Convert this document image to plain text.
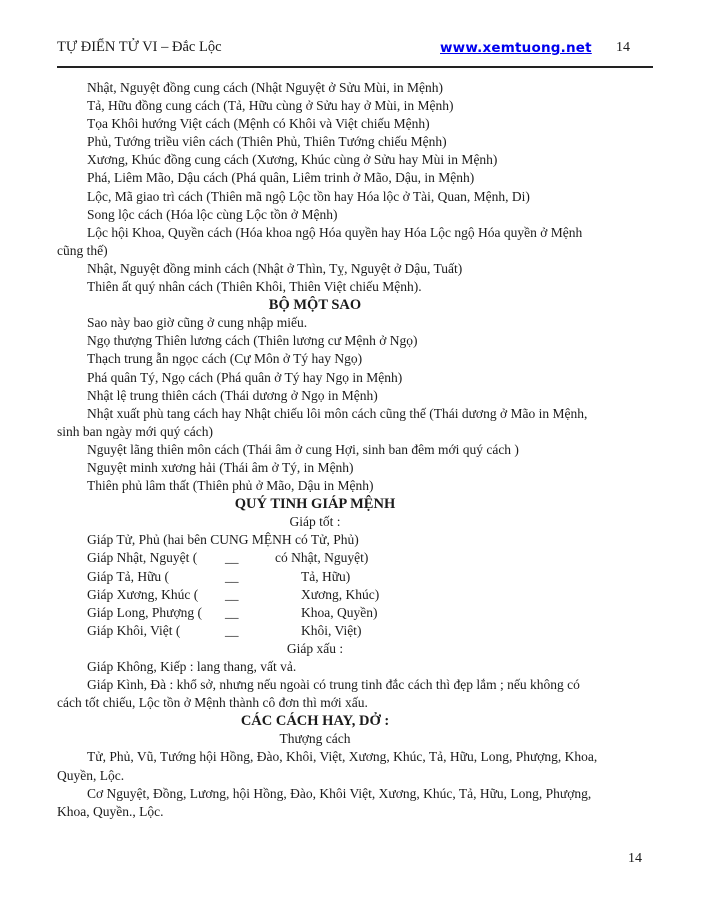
TỰ ĐIỂN TỬ VI – Đắc Lộc	www.xemtuong.net 14

Nhật, Nguyệt đồng cung cách (Nhật Nguyệt ở Sửu Mùi, in Mệnh)

Tả, Hữu đồng cung cách (Tả, Hữu cùng ở Sửu hay ở Mùi, in Mệnh)

Tọa Khôi hướng Việt cách (Mệnh có Khôi và Việt chiếu Mệnh)

Phủ, Tướng triều viên cách (Thiên Phủ, Thiên Tướng chiếu Mệnh)

Xương, Khúc đồng cung cách (Xương, Khúc cùng ở Sửu hay Mùi in Mệnh)

Phá, Liêm Mão, Dậu cách (Phá quân, Liêm trinh ở Mão, Dậu, in Mệnh)

Lộc, Mã giao trì cách (Thiên mã ngộ Lộc tồn hay Hóa lộc ở Tài, Quan, Mệnh, Di)

Song lộc cách (Hóa lộc cùng Lộc tồn ở Mệnh)

Lộc hội Khoa, Quyền cách (Hóa khoa ngộ Hóa quyền hay Hóa Lộc ngộ Hóa quyền ở Mệnh

cũng thế)

Nhật, Nguyệt đồng minh cách (Nhật ở Thìn, Tỵ, Nguyệt ở Dậu, Tuất)

Thiên ất quý nhân cách (Thiên Khôi, Thiên Việt chiếu Mệnh).

BỘ MỘT SAO

Sao này bao giờ cũng ở cung nhập miếu.

Ngọ thượng Thiên lương cách (Thiên lương cư Mệnh ở Ngọ)

Thạch trung ẫn ngọc cách (Cự Môn ở Tý hay Ngọ)

Phá quân Tý, Ngọ cách (Phá quân ở Tý hay Ngọ in Mệnh)

Nhật lệ trung thiên cách (Thái dương ở Ngọ in Mệnh)

Nhật xuất phù tang cách hay Nhật chiếu lôi môn cách cũng thế (Thái dương ở Mão in Mệnh,

sinh ban ngày mới quý cách)

Nguyệt lãng thiên môn cách (Thái âm ở cung Hợi, sinh ban đêm mới quý cách )

Nguyệt minh xương hải (Thái âm ở Tý, in Mệnh)

Thiên phủ lâm thất (Thiên phủ ở Mão, Dậu in Mệnh)

QUÝ TINH GIÁP MỆNH

Giáp tốt :

Giáp Tử, Phủ (hai bên CUNG MỆNH có Tử, Phủ)

Giáp Nhật, Nguyệt ( __	có Nhật, Nguyệt)

Giáp Tả, Hữu (	__	Tả, Hữu)

Giáp Xương, Khúc ( __	Xương, Khúc)

Giáp Long, Phượng ( __	Khoa, Quyền)

Giáp Khôi, Việt (	__	Khôi, Việt)

Giáp xấu :

Giáp Không, Kiếp : lang thang, vất vả.

Giáp Kình, Đà : khổ sở, nhưng nếu ngoài có trung tinh đắc cách thì đẹp lắm ; nếu không có

cách tốt chiếu, Lộc tồn ở Mệnh thành cô đơn thì mới xấu.

CÁC CÁCH HAY, DỞ :

Thượng cách

Tử, Phủ, Vũ, Tướng hội Hồng, Đào, Khôi, Việt, Xương, Khúc, Tả, Hữu, Long, Phượng, Khoa,

Quyền, Lộc.

Cơ Nguyệt, Đồng, Lương, hội Hồng, Đào, Khôi Việt, Xương, Khúc, Tả, Hữu, Long, Phượng,

Khoa, Quyền., Lộc.

14
